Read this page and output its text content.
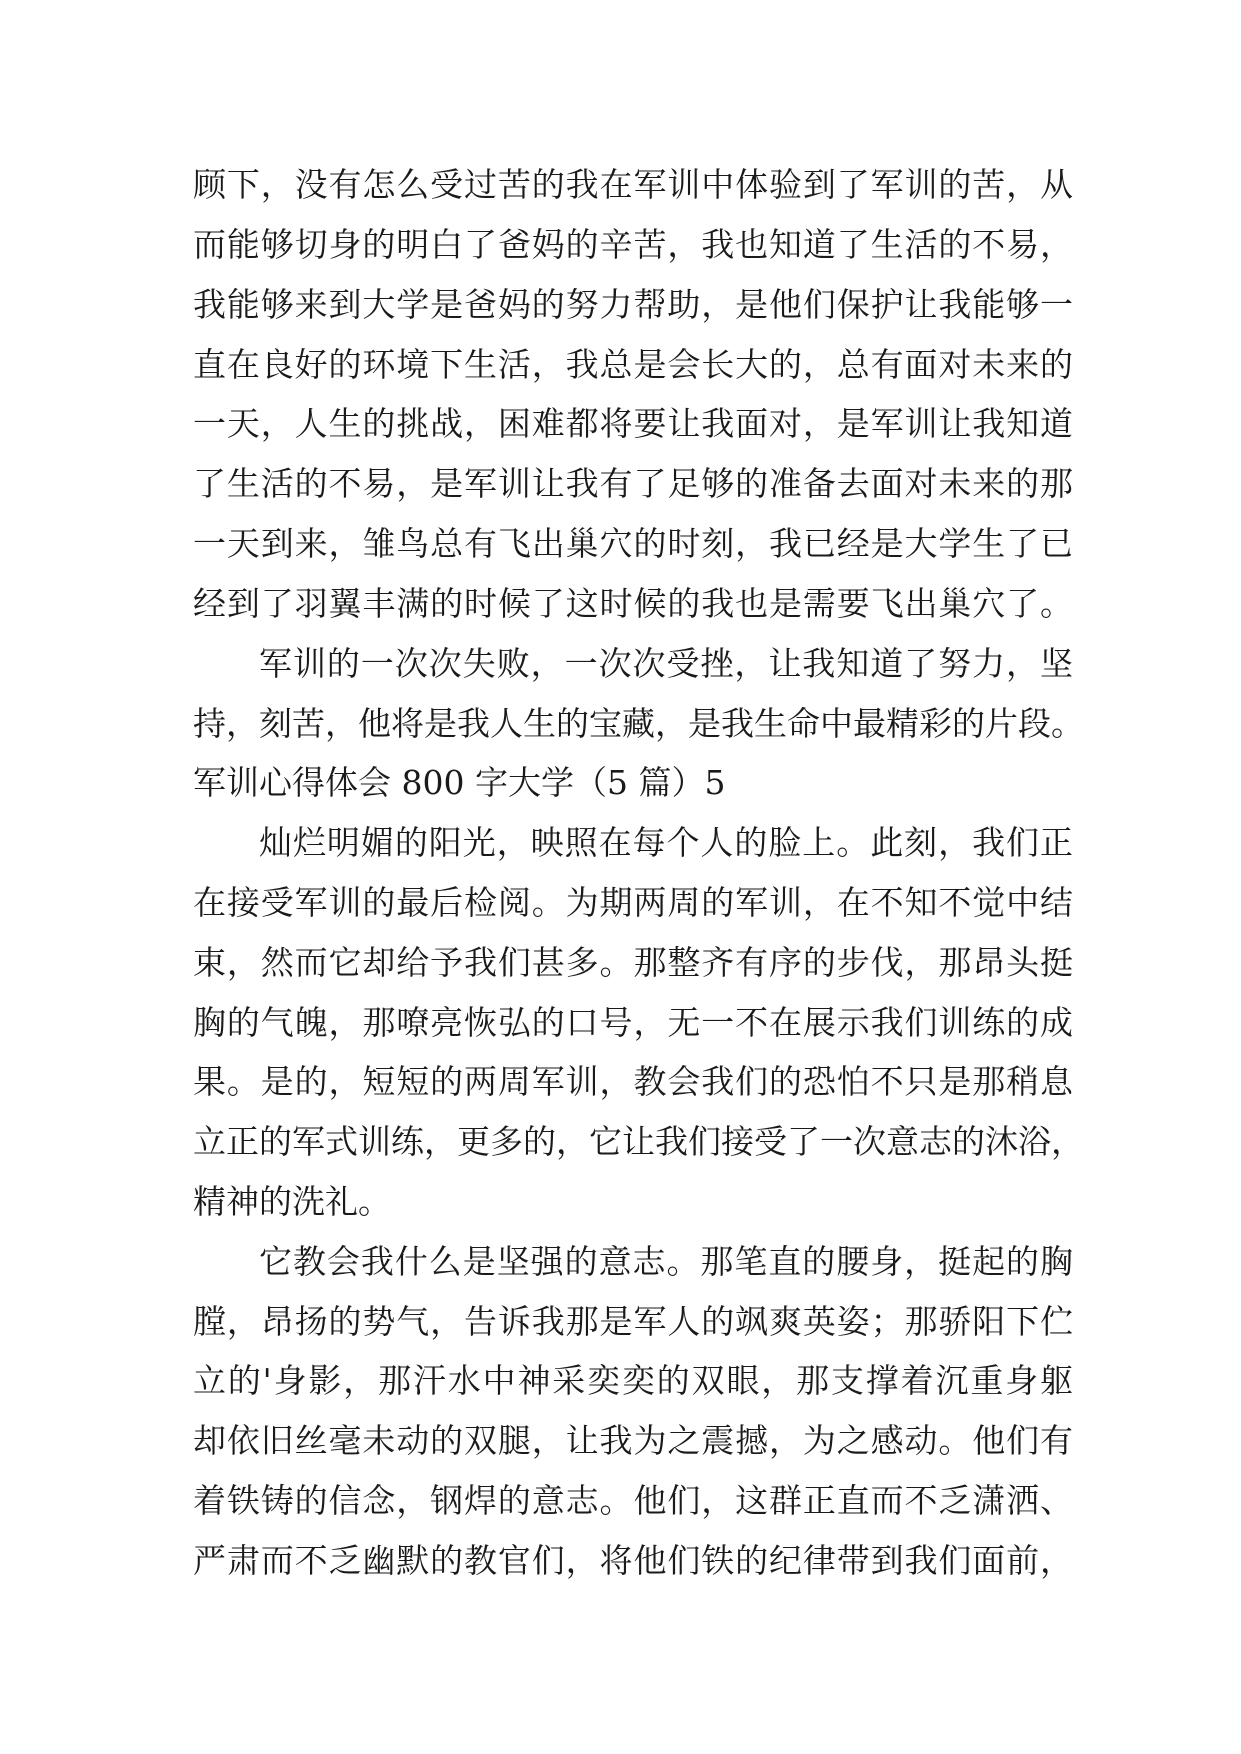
顾下，没有怎么受过苦的我在军训中体验到了军训的苦，从
而能够切身的明白了爸妈的辛苦，我也知道了生活的不易，
我能够来到大学是爸妈的努力帮助，是他们保护让我能够一
直在良好的环境下生活，我总是会长大的，总有面对未来的
一天，人生的挑战，困难都将要让我面对，是军训让我知道
了生活的不易，是军训让我有了足够的准备去面对未来的那
一天到来，雏鸟总有飞出巢穴的时刻，我已经是大学生了已
经到了羽翼丰满的时候了这时候的我也是需要飞出巢穴了。
军训的一次次失败，一次次受挫，让我知道了努力，坚
持，刻苦，他将是我人生的宝藏，是我生命中最精彩的片段。
军训心得体会 800 字大学（5 篇）5
灿烂明媚的阳光，映照在每个人的脸上。此刻，我们正
在接受军训的最后检阅。为期两周的军训，在不知不觉中结
束，然而它却给予我们甚多。那整齐有序的步伐，那昂头挺
胸的气魄，那嘹亮恢弘的口号，无一不在展示我们训练的成
果。是的，短短的两周军训，教会我们的恐怕不只是那稍息
立正的军式训练，更多的，它让我们接受了一次意志的沐浴，
精神的洗礼。
它教会我什么是坚强的意志。那笔直的腰身，挺起的胸
膛，昂扬的势气，告诉我那是军人的飒爽英姿；那骄阳下伫
立的'身影，那汗水中神采奕奕的双眼，那支撑着沉重身躯
却依旧丝毫未动的双腿，让我为之震撼，为之感动。他们有
着铁铸的信念，钢焊的意志。他们，这群正直而不乏潇洒、
严肃而不乏幽默的教官们，将他们铁的纪律带到我们面前，
